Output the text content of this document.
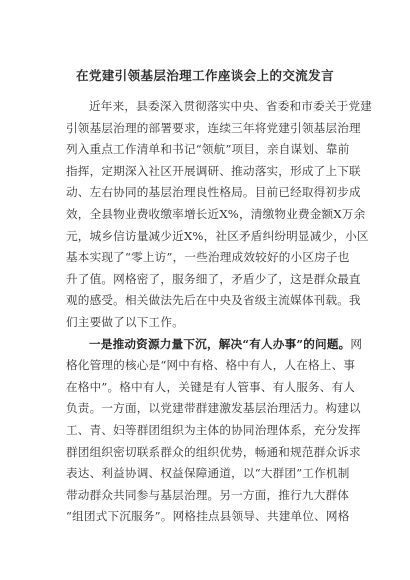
在党建引领基层治理工作座谈会上的交流发言
近年来，县委深入贯彻落实中央、省委和市委关于党建
引领基层治理的部署要求，连续三年将党建引领基层治理
列入重点工作清单和书记“领航”项目，亲自谋划、靠前
指挥，定期深入社区开展调研、推动落实，形成了上下联
动、左右协同的基层治理良性格局。目前已经取得初步成
效，全县物业费收缴率增长近X%，清缴物业费金额X万余
元，城乡信访量减少近X%，社区矛盾纠纷明显减少，小区
基本实现了“零上访”，一些治理成效较好的小区房子也
升了值。网格密了，服务细了，矛盾少了，这是群众最直
观的感受。相关做法先后在中央及省级主流媒体刊载。我
们主要做了以下工作。
一是推动资源力量下沉，解决“有人办事”的问题。网
格化管理的核心是“网中有格、格中有人，人在格上、事
在格中”。格中有人，关键是有人管事、有人服务、有人
负责。一方面，以党建带群建激发基层治理活力。构建以
工、青、妇等群团组织为主体的协同治理体系，充分发挥
群团组织密切联系群众的组织优势，畅通和规范群众诉求
表达、利益协调、权益保障通道，以“大群团”工作机制
带动群众共同参与基层治理。另一方面，推行九大群体
“组团式下沉服务”。网格挂点县领导、共建单位、网格
